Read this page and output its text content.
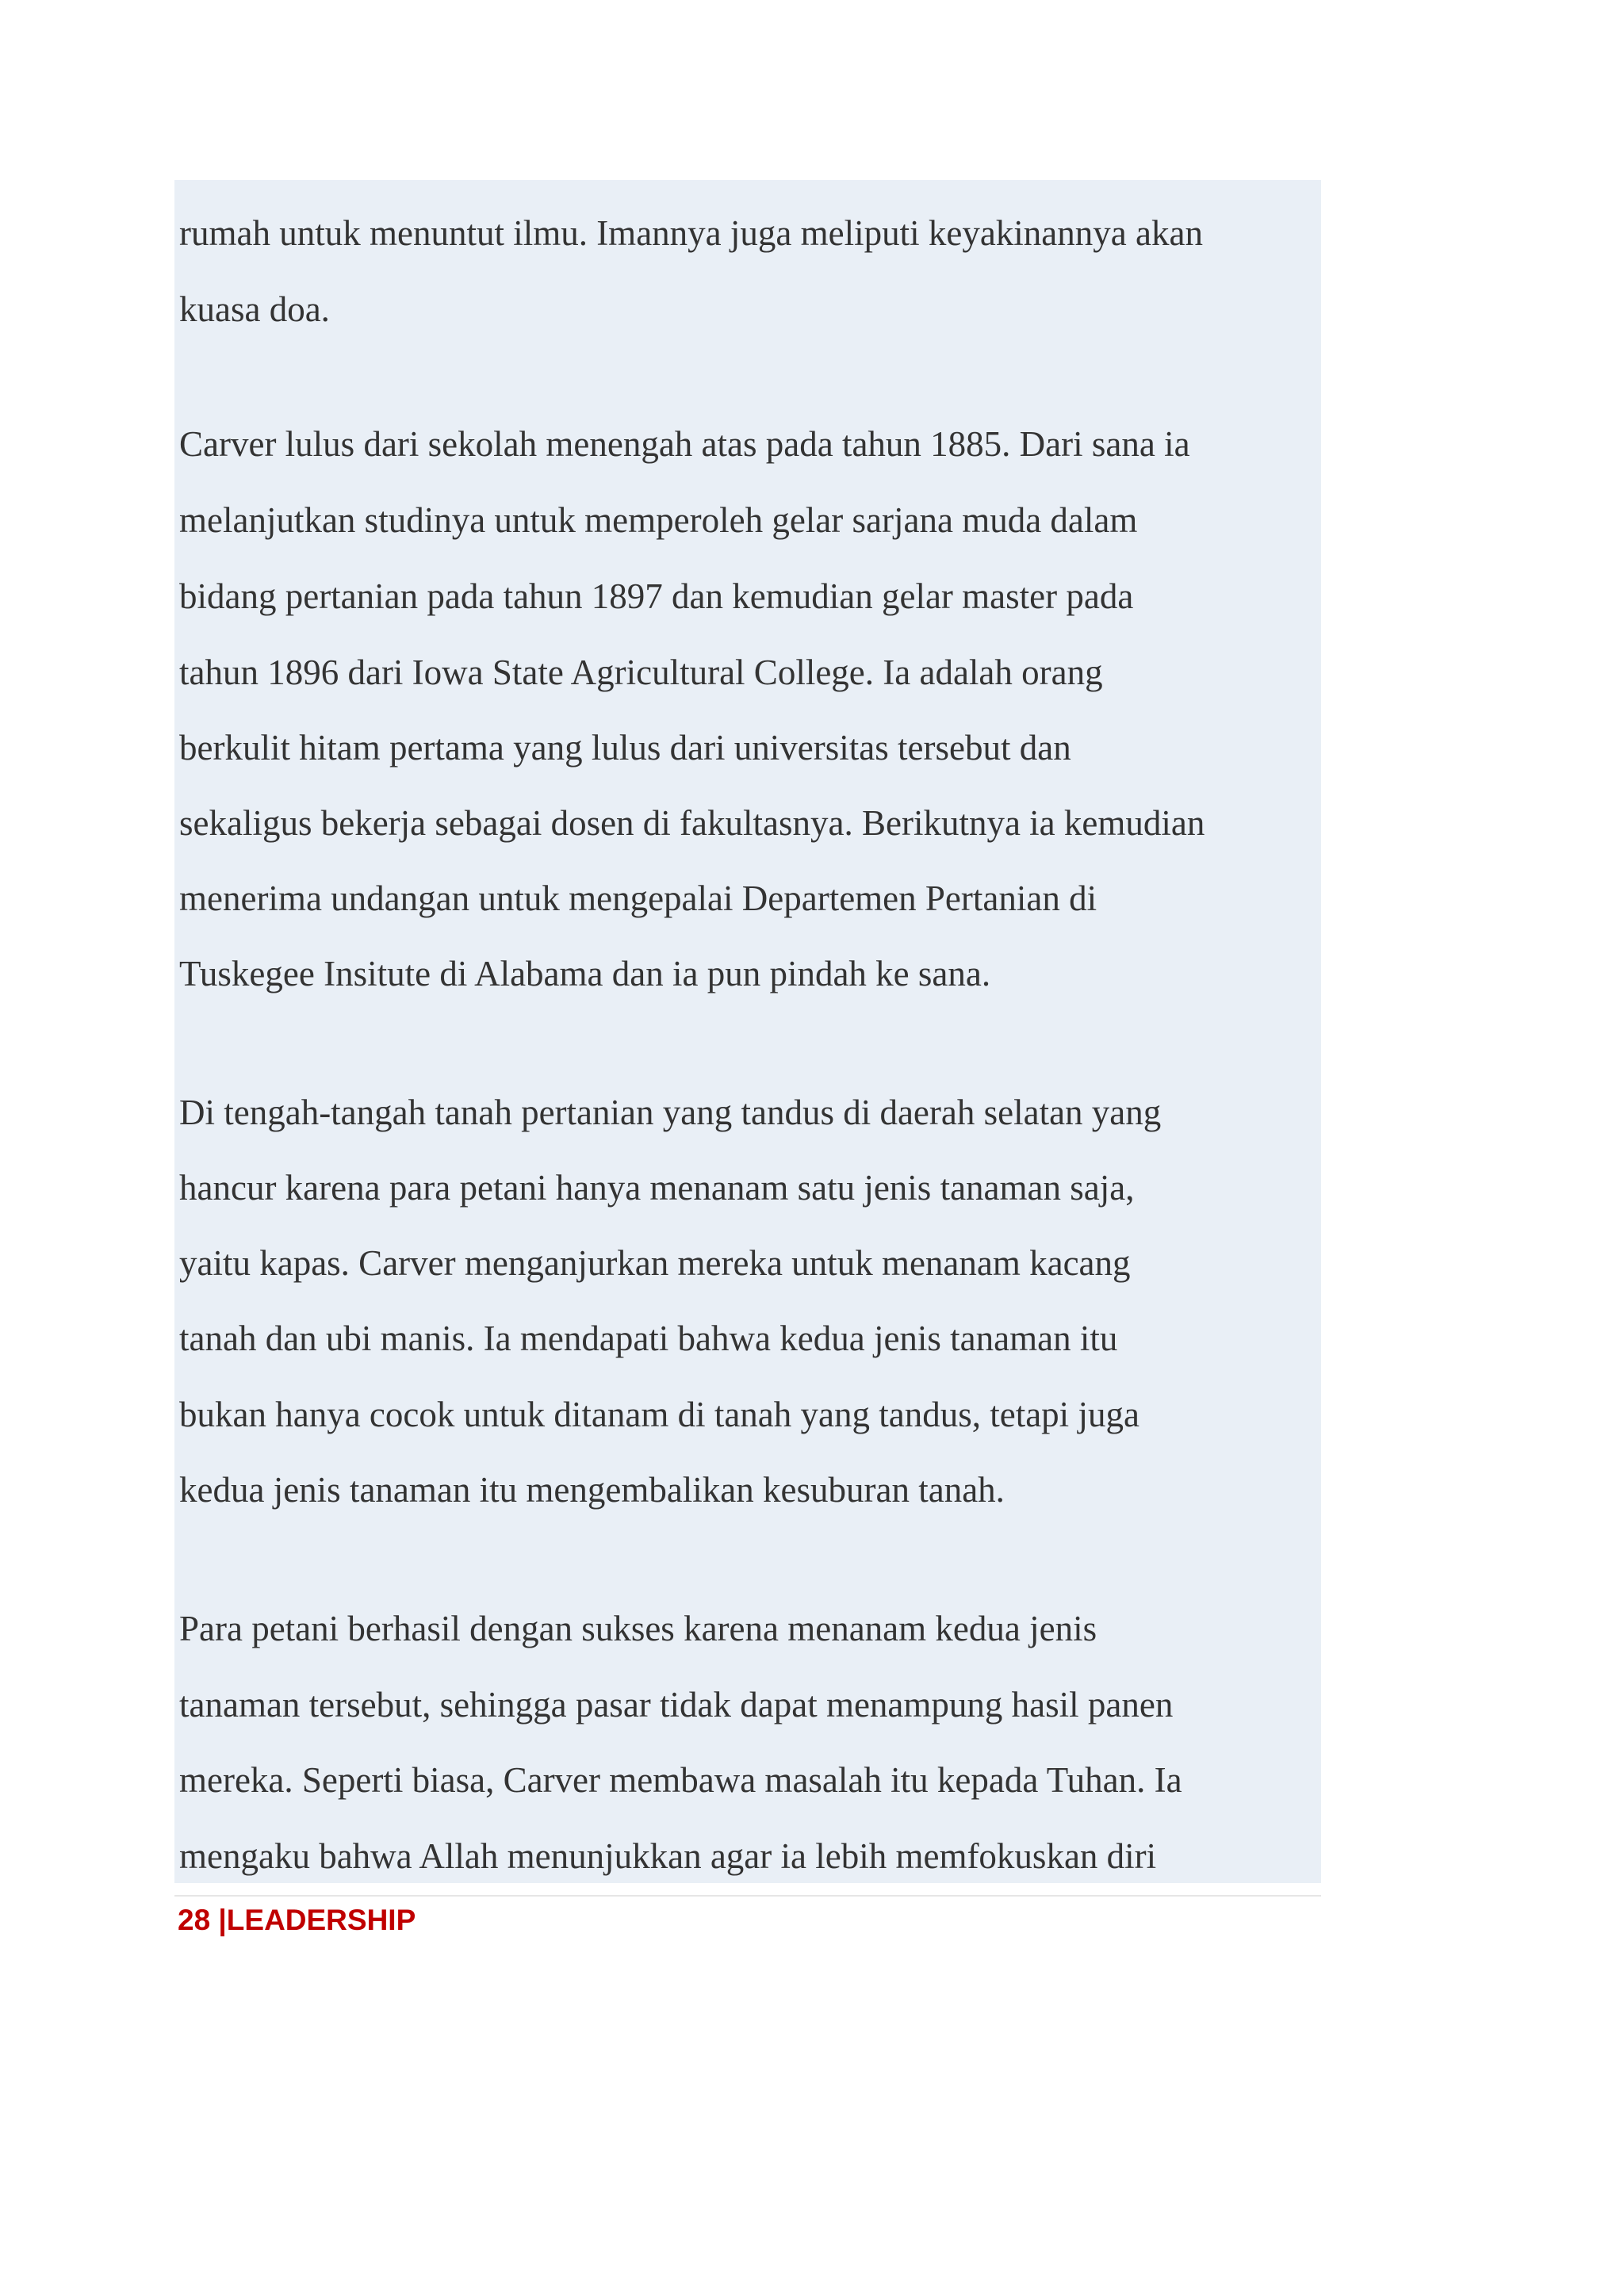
rumah untuk menuntut ilmu. Imannya juga meliputi keyakinannya akan
kuasa doa.
Carver lulus dari sekolah menengah atas pada tahun 1885. Dari sana ia
melanjutkan studinya untuk memperoleh gelar sarjana muda dalam
bidang pertanian pada tahun 1897 dan kemudian gelar master pada
tahun 1896 dari Iowa State Agricultural College. Ia adalah orang
berkulit hitam pertama yang lulus dari universitas tersebut dan
sekaligus bekerja sebagai dosen di fakultasnya. Berikutnya ia kemudian
menerima undangan untuk mengepalai Departemen Pertanian di
Tuskegee Insitute di Alabama dan ia pun pindah ke sana.
Di tengah-tangah tanah pertanian yang tandus di daerah selatan yang
hancur karena para petani hanya menanam satu jenis tanaman saja,
yaitu kapas. Carver menganjurkan mereka untuk menanam kacang
tanah dan ubi manis. Ia mendapati bahwa kedua jenis tanaman itu
bukan hanya cocok untuk ditanam di tanah yang tandus, tetapi juga
kedua jenis tanaman itu mengembalikan kesuburan tanah.
Para petani berhasil dengan sukses karena menanam kedua jenis
tanaman tersebut, sehingga pasar tidak dapat menampung hasil panen
mereka. Seperti biasa, Carver membawa masalah itu kepada Tuhan. Ia
mengaku bahwa Allah menunjukkan agar ia lebih memfokuskan diri
28 |LEADERSHIP
